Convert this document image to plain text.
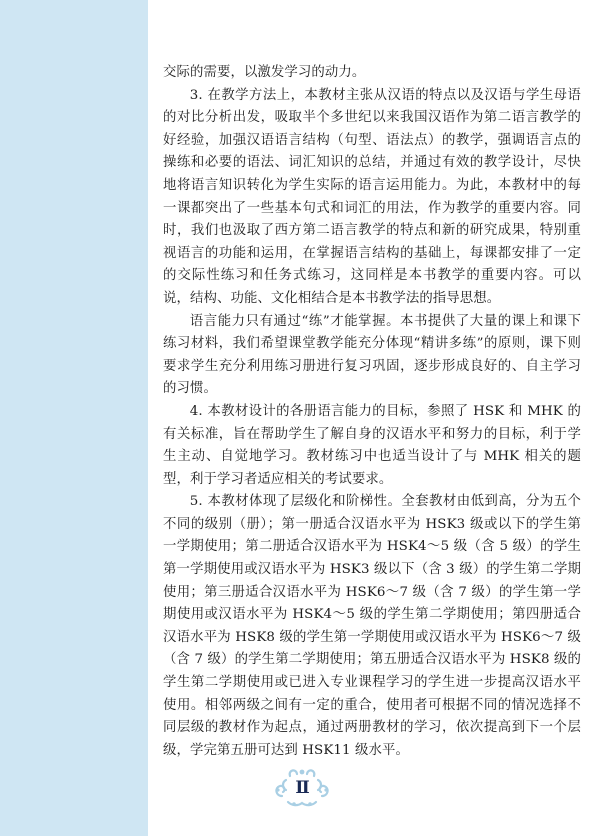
交际的需要，以激发学习的动力。

3. 在教学方法上，本教材主张从汉语的特点以及汉语与学生母语的对比分析出发，吸取半个多世纪以来我国汉语作为第二语言教学的好经验，加强汉语语言结构（句型、语法点）的教学，强调语言点的操练和必要的语法、词汇知识的总结，并通过有效的教学设计，尽快地将语言知识转化为学生实际的语言运用能力。为此，本教材中的每一课都突出了一些基本句式和词汇的用法，作为教学的重要内容。同时，我们也汲取了西方第二语言教学的特点和新的研究成果，特别重视语言的功能和运用，在掌握语言结构的基础上，每课都安排了一定的交际性练习和任务式练习，这同样是本书教学的重要内容。可以说，结构、功能、文化相结合是本书教学法的指导思想。

语言能力只有通过“练”才能掌握。本书提供了大量的课上和课下练习材料，我们希望课堂教学能充分体现“精讲多练”的原则，课下则要求学生充分利用练习册进行复习巩固，逐步形成良好的、自主学习的习惯。

4. 本教材设计的各册语言能力的目标，参照了 HSK 和 MHK 的有关标准，旨在帮助学生了解自身的汉语水平和努力的目标，利于学生主动、自觉地学习。教材练习中也适当设计了与 MHK 相关的题型，利于学习者适应相关的考试要求。

5. 本教材体现了层级化和阶梯性。全套教材由低到高，分为五个不同的级别（册）；第一册适合汉语水平为 HSK3 级或以下的学生第一学期使用；第二册适合汉语水平为 HSK4～5 级（含 5 级）的学生第一学期使用或汉语水平为 HSK3 级以下（含 3 级）的学生第二学期使用；第三册适合汉语水平为 HSK6～7 级（含 7 级）的学生第一学期使用或汉语水平为 HSK4～5 级的学生第二学期使用；第四册适合汉语水平为 HSK8 级的学生第一学期使用或汉语水平为 HSK6～7 级（含 7 级）的学生第二学期使用；第五册适合汉语水平为 HSK8 级的学生第二学期使用或已进入专业课程学习的学生进一步提高汉语水平使用。相邻两级之间有一定的重合，使用者可根据不同的情况选择不同层级的教材作为起点，通过两册教材的学习，依次提高到下一个层级，学完第五册可达到 HSK11 级水平。

Ⅱ
